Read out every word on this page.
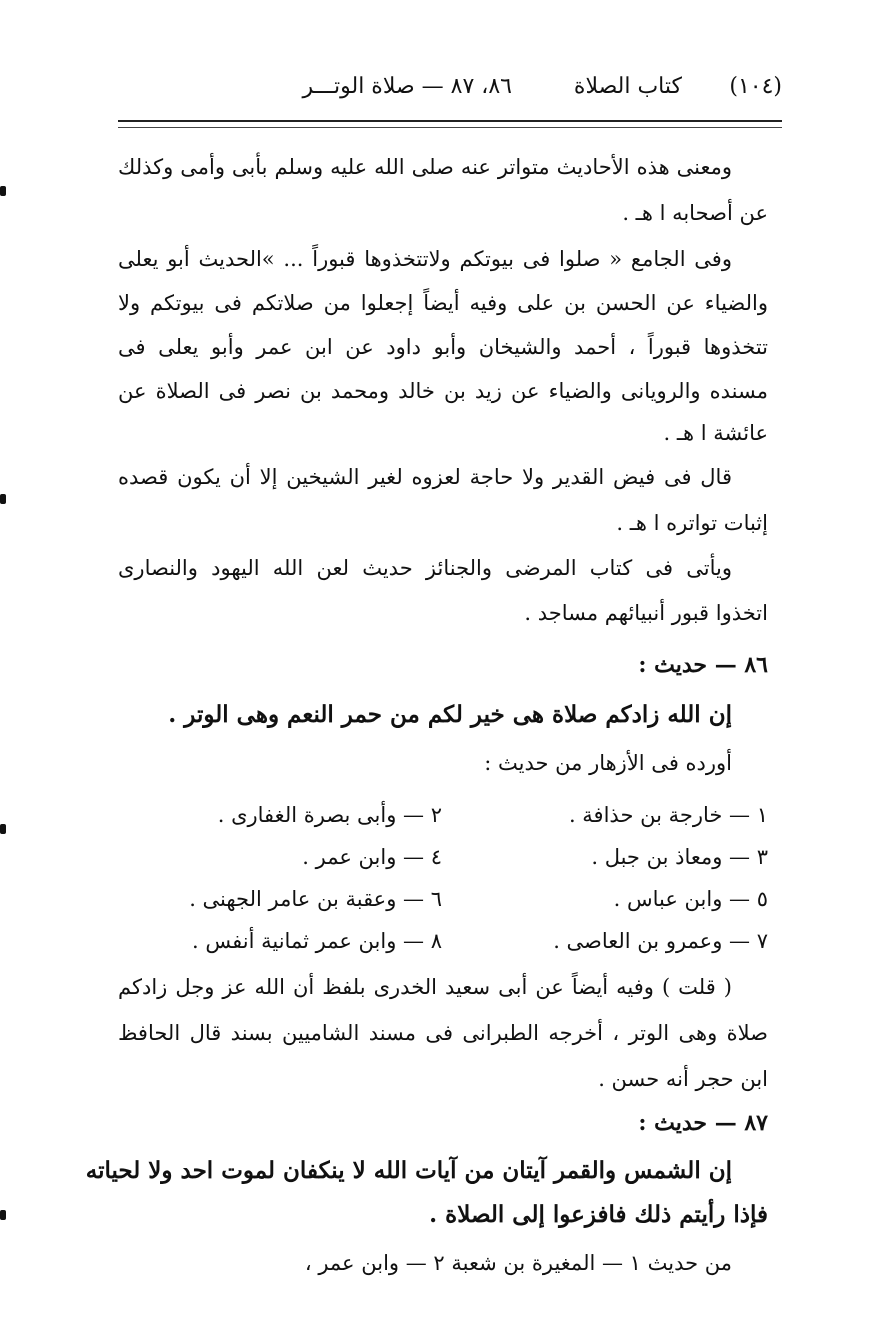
(١٠٤)
كتاب الصلاة
٨٦، ٨٧ — صلاة الوتـــر
ومعنى هذه الأحاديث متواتر عنه صلى الله عليه وسلم بأبى وأمى وكذلك
عن أصحابه ا هـ .
وفى الجامع « صلوا فى بيوتكم ولاتتخذوها قبوراً ... »الحديث أبو يعلى
والضياء عن الحسن بن على وفيه أيضاً إجعلوا من صلاتكم فى بيوتكم ولا
تتخذوها قبوراً ، أحمد والشيخان وأبو داود عن ابن عمر وأبو يعلى فى
مسنده والرويانى والضياء عن زيد بن خالد ومحمد بن نصر فى الصلاة عن
عائشة ا هـ .
قال فى فيض القدير ولا حاجة لعزوه لغير الشيخين إلا أن يكون قصده
إثبات تواتره ا هـ .
ويأتى فى كتاب المرضى والجنائز حديث لعن الله اليهود والنصارى
اتخذوا قبور أنبيائهم مساجد .
٨٦ — حديث :
إن الله زادكم صلاة هى خير لكم من حمر النعم وهى الوتر .
أورده فى الأزهار من حديث :
١ — خارجة بن حذافة .
٢ — وأبى بصرة الغفارى .
٣ — ومعاذ بن جبل .
٤ — وابن عمر .
٥ — وابن عباس .
٦ — وعقبة بن عامر الجهنى .
٧ — وعمرو بن العاصى .
٨ — وابن عمر ثمانية أنفس .
( قلت ) وفيه أيضاً عن أبى سعيد الخدرى بلفظ أن الله عز وجل زادكم
صلاة وهى الوتر ، أخرجه الطبرانى فى مسند الشاميين بسند قال الحافظ
ابن حجر أنه حسن .
٨٧ — حديث :
إن الشمس والقمر آيتان من آيات الله لا ينكفان لموت احد ولا لحياته
فإذا رأيتم ذلك فافزعوا إلى الصلاة .
من حديث ١ — المغيرة بن شعبة ٢ — وابن عمر ،
